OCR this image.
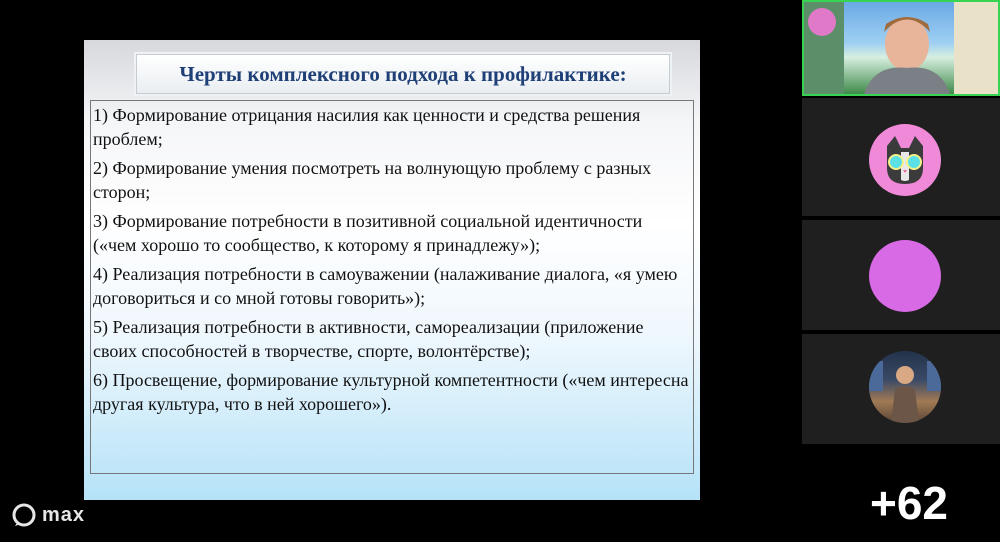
Черты комплексного подхода к профилактике:
1) Формирование отрицания насилия как ценности и средства решения проблем;
2) Формирование умения посмотреть на волнующую проблему с разных сторон;
3) Формирование потребности в позитивной социальной идентичности («чем хорошо то сообщество, к которому я принадлежу»);
4) Реализация потребности в самоуважении (налаживание диалога, «я умею договориться и со мной готовы говорить»);
5) Реализация потребности в активности, самореализации (приложение своих способностей в творчестве, спорте, волонтёрстве);
6) Просвещение, формирование культурной компетентности («чем интересна другая культура, что в ней хорошего»).
+62
max
